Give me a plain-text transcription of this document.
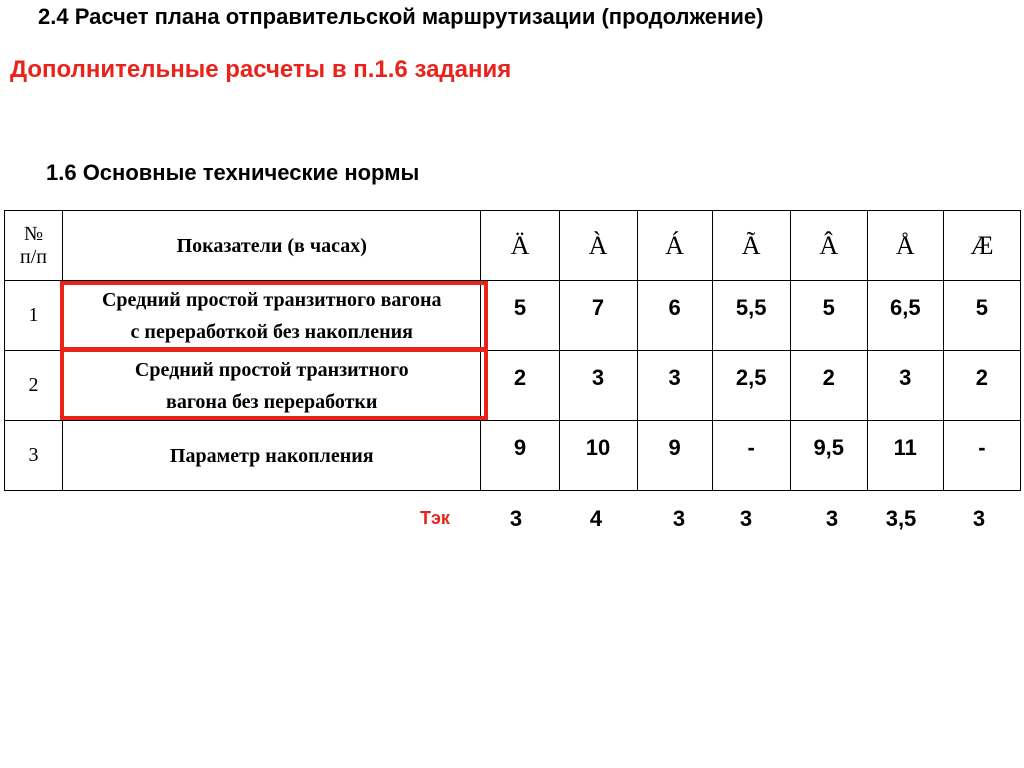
2.4 Расчет плана отправительской маршрутизации (продолжение)
Дополнительные расчеты в п.1.6 задания
1.6 Основные технические нормы
№
п/п	Показатели (в часах)	Ä	À	Á	Ã	Â	Å	Æ
1	Средний простой транзитного вагона
с переработкой без накопления	5	7	6	5,5	5	6,5	5
2	Средний простой транзитного
вагона без переработки	2	3	3	2,5	2	3	2
3	Параметр накопления	9	10	9	-	9,5	11	-
Тэк	3	4	3	3	3	3,5	3
